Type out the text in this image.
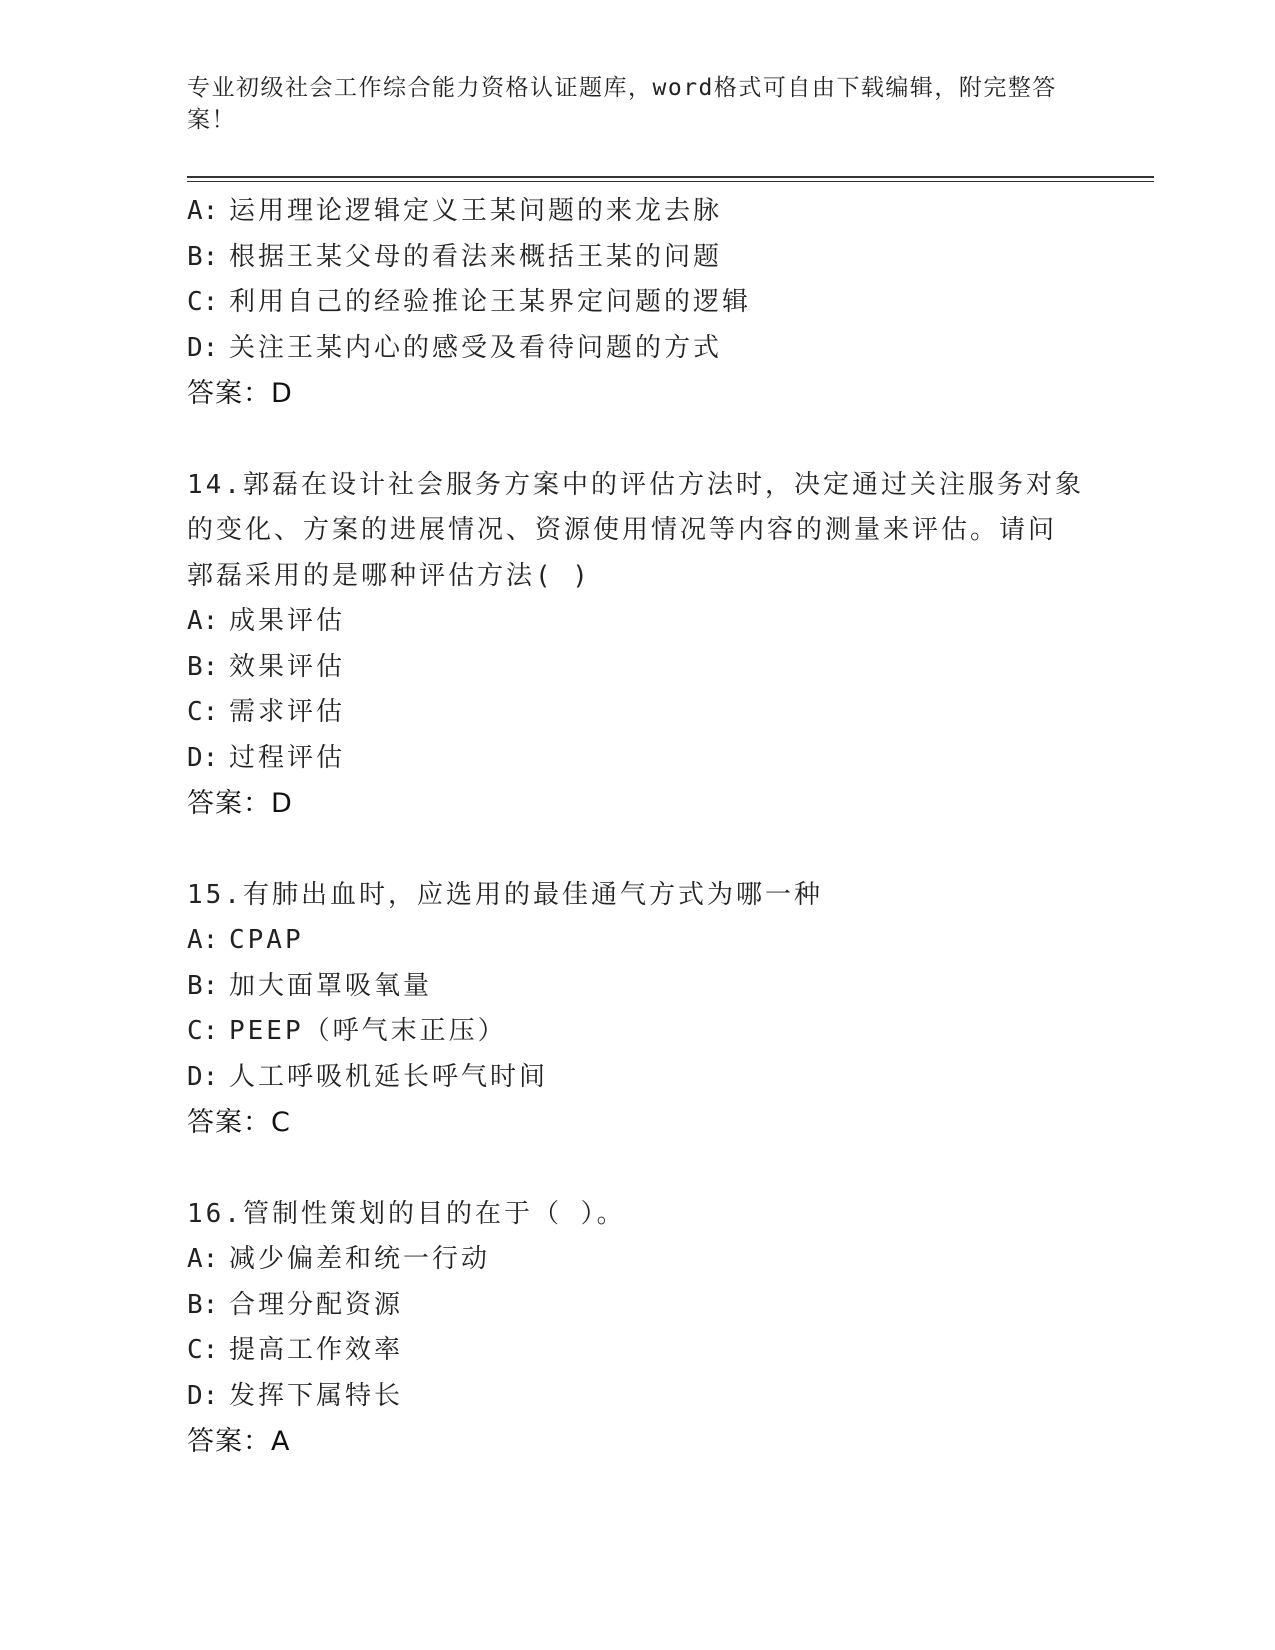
专业初级社会工作综合能力资格认证题库，word格式可自由下载编辑，附完整答
案！
A: 运用理论逻辑定义王某问题的来龙去脉
B: 根据王某父母的看法来概括王某的问题
C: 利用自己的经验推论王某界定问题的逻辑
D: 关注王某内心的感受及看待问题的方式
答案：D
14.郭磊在设计社会服务方案中的评估方法时，决定通过关注服务对象
的变化、方案的进展情况、资源使用情况等内容的测量来评估。请问
郭磊采用的是哪种评估方法( )
A: 成果评估
B: 效果评估
C: 需求评估
D: 过程评估
答案：D
15.有肺出血时，应选用的最佳通气方式为哪一种
A: CPAP
B: 加大面罩吸氧量
C: PEEP（呼气末正压）
D: 人工呼吸机延长呼气时间
答案：C
16.管制性策划的目的在于（ ）。
A: 减少偏差和统一行动
B: 合理分配资源
C: 提高工作效率
D: 发挥下属特长
答案：A
